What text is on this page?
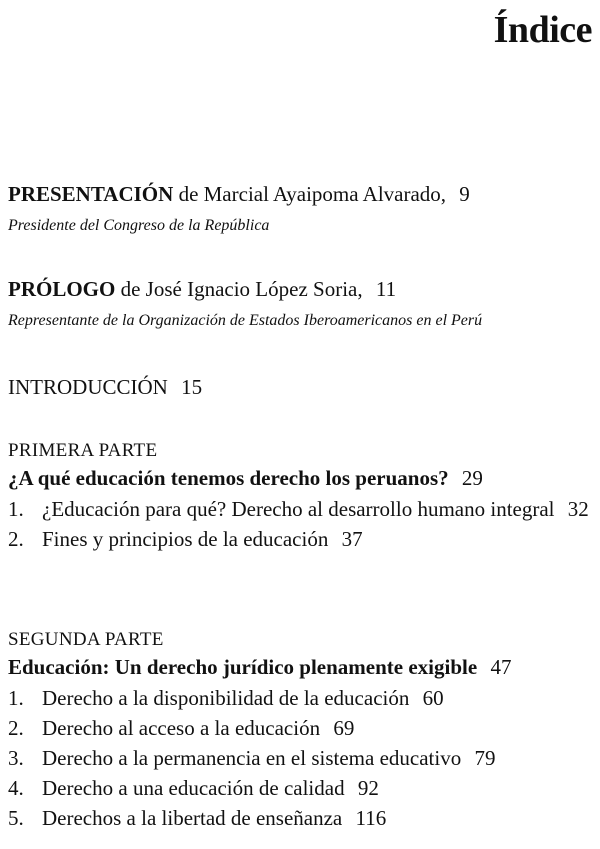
Índice
PRESENTACIÓN de Marcial Ayaipoma Alvarado, 9
Presidente del Congreso de la República
PRÓLOGO de José Ignacio López Soria, 11
Representante de la Organización de Estados Iberoamericanos en el Perú
INTRODUCCIÓN 15
PRIMERA PARTE
¿A qué educación tenemos derecho los peruanos? 29
1. ¿Educación para qué? Derecho al desarrollo humano integral 32
2. Fines y principios de la educación 37
SEGUNDA PARTE
Educación: Un derecho jurídico plenamente exigible 47
1. Derecho a la disponibilidad de la educación 60
2. Derecho al acceso a la educación 69
3. Derecho a la permanencia en el sistema educativo 79
4. Derecho a una educación de calidad 92
5. Derechos a la libertad de enseñanza 116
